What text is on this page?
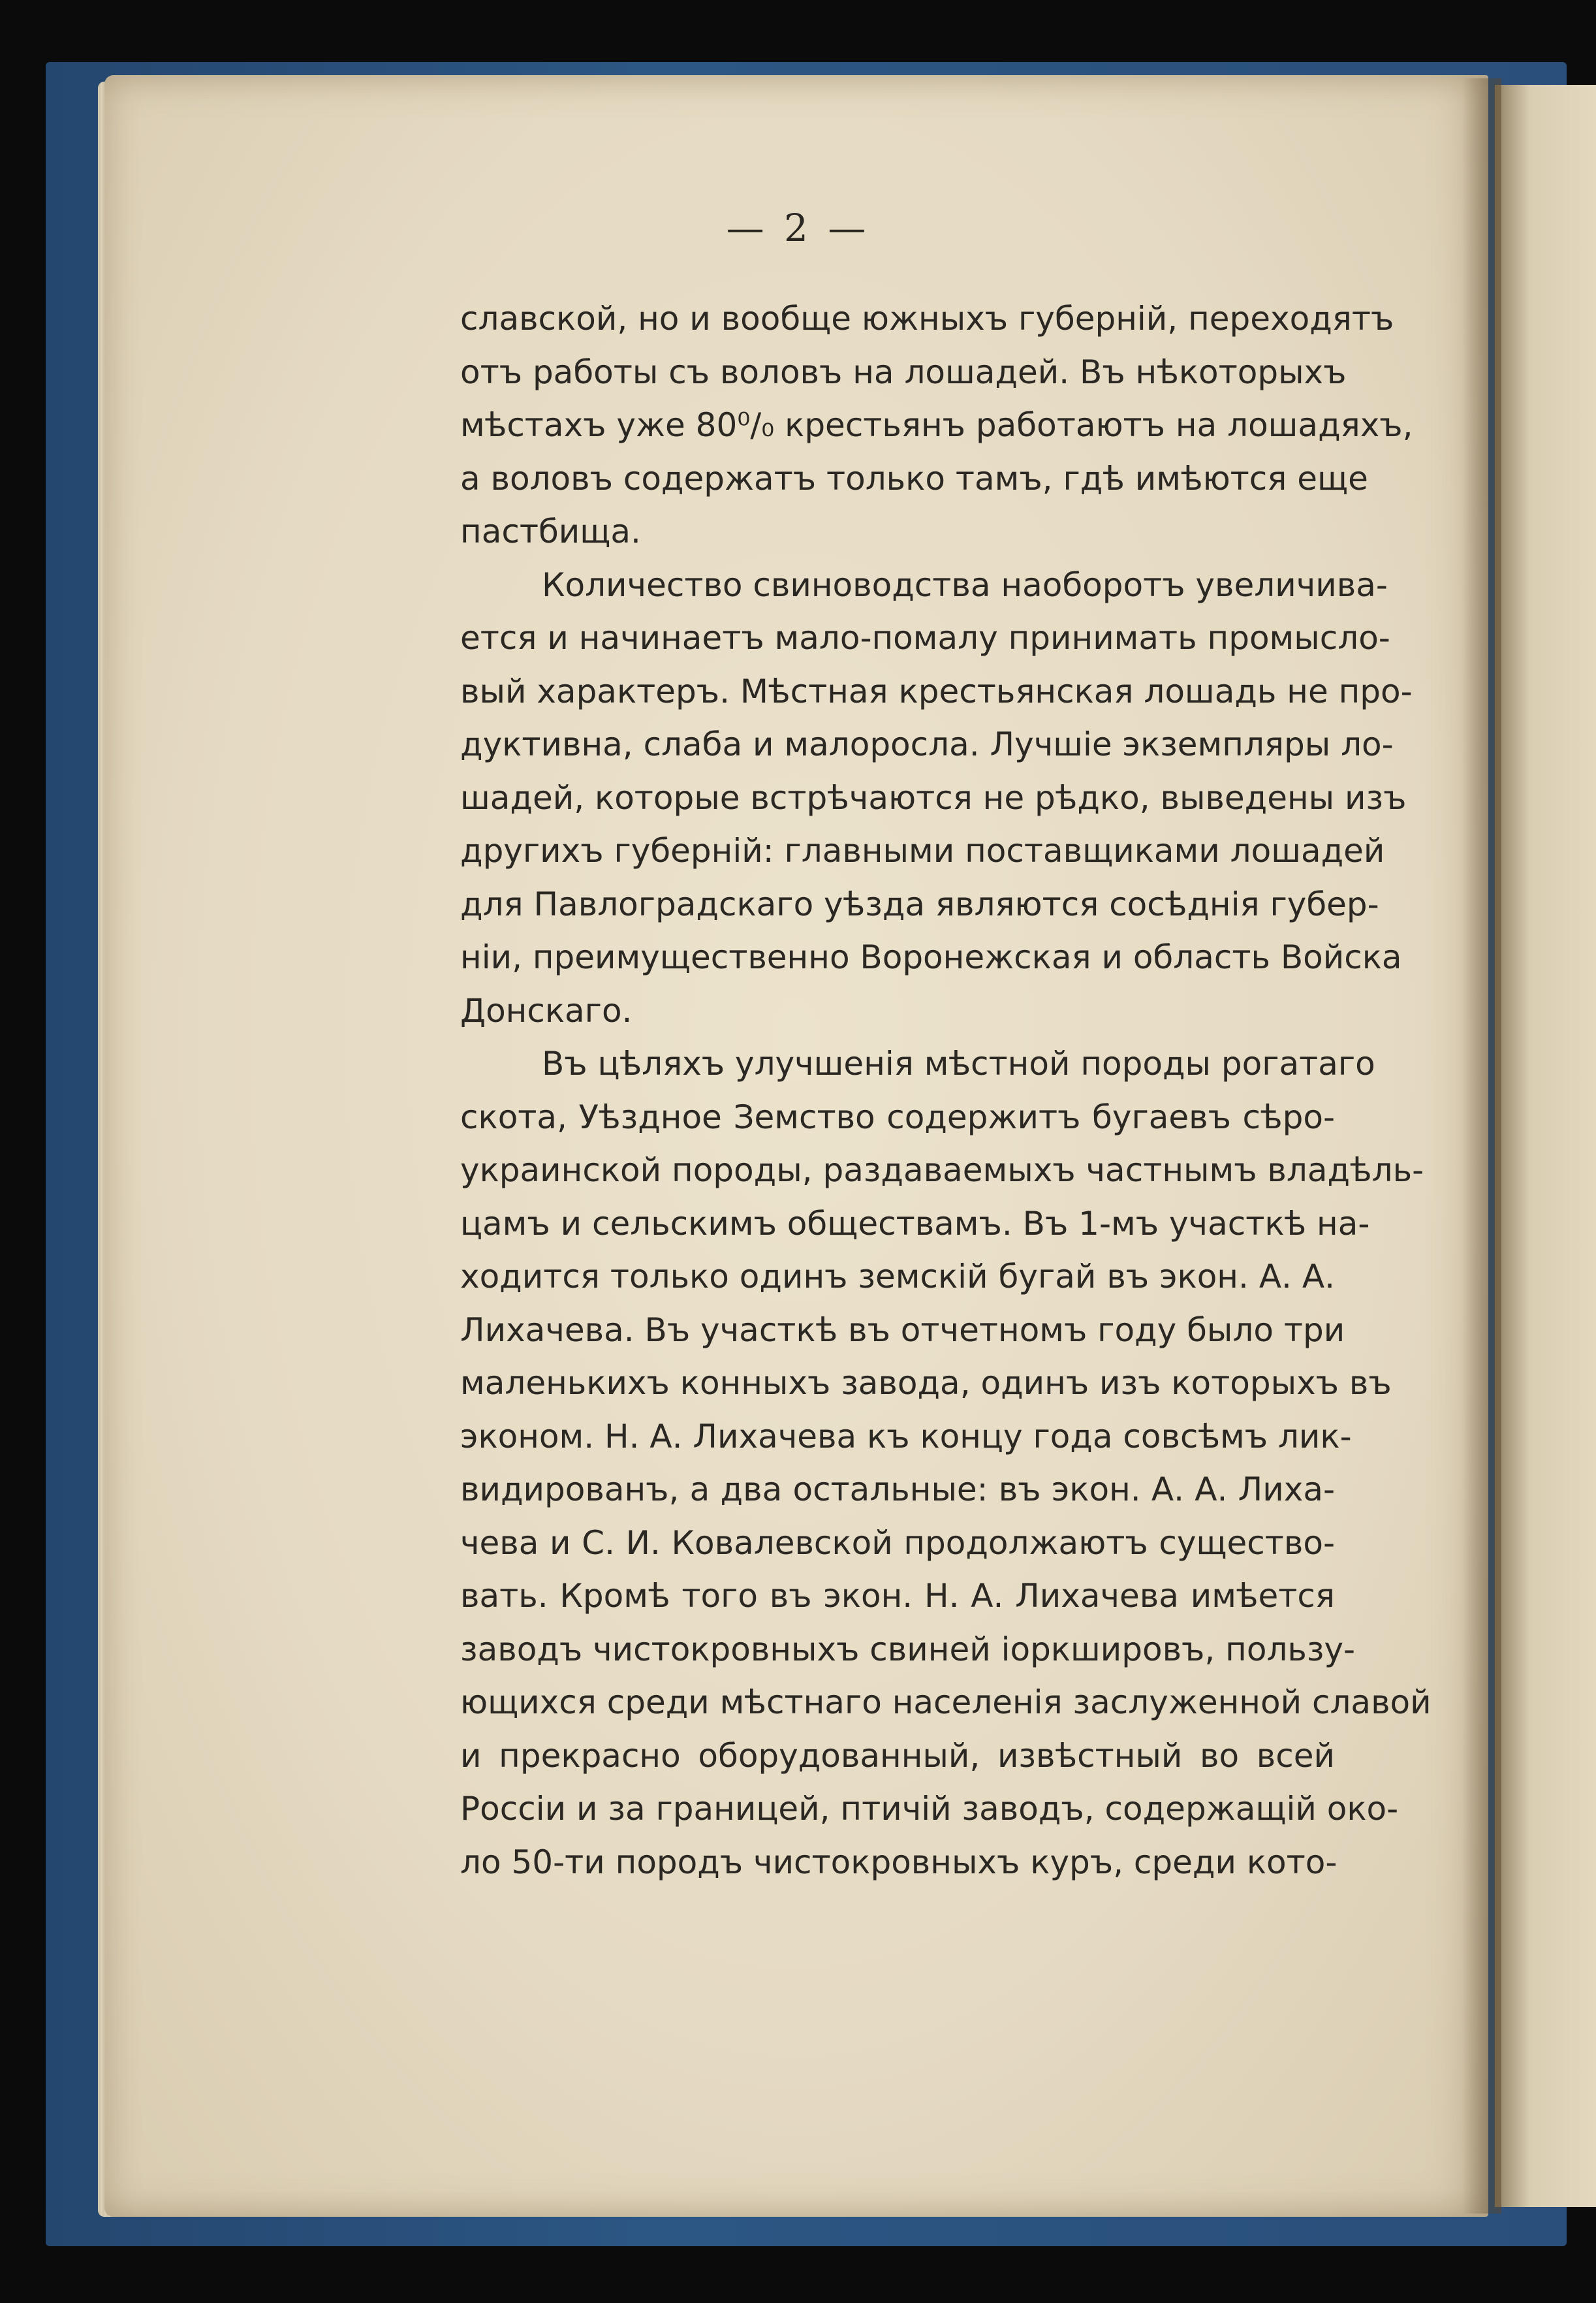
— 2 —
славской, но и вообще южныхъ губерній, переходятъ
отъ работы съ воловъ на лошадей. Въ нѣкоторыхъ
мѣстахъ уже 80⁰/₀ крестьянъ работаютъ на лошадяхъ,
а воловъ содержатъ только тамъ, гдѣ имѣются еще
пастбища.
Количество свиноводства наоборотъ увеличива-
ется и начинаетъ мало-помалу принимать промысло-
вый характеръ. Мѣстная крестьянская лошадь не про-
дуктивна, слаба и малоросла. Лучшіе экземпляры ло-
шадей, которые встрѣчаются не рѣдко, выведены изъ
другихъ губерній: главными поставщиками лошадей
для Павлоградскаго уѣзда являются сосѣднія губер-
ніи, преимущественно Воронежская и область Войска
Донскаго.
Въ цѣляхъ улучшенія мѣстной породы рогатаго
скота, Уѣздное Земство содержитъ бугаевъ сѣро-
украинской породы, раздаваемыхъ частнымъ владѣль-
цамъ и сельскимъ обществамъ. Въ 1-мъ участкѣ на-
ходится только одинъ земскій бугай въ экон. А. А.
Лихачева. Въ участкѣ въ отчетномъ году было три
маленькихъ конныхъ завода, одинъ изъ которыхъ въ
эконом. Н. А. Лихачева къ концу года совсѣмъ лик-
видированъ, а два остальные: въ экон. А. А. Лиха-
чева и С. И. Ковалевской продолжаютъ существо-
вать. Кромѣ того въ экон. Н. А. Лихачева имѣется
заводъ чистокровныхъ свиней іоркшировъ, пользу-
ющихся среди мѣстнаго населенія заслуженной славой
и прекрасно оборудованный, извѣстный во всей
Россіи и за границей, птичій заводъ, содержащій око-
ло 50-ти породъ чистокровныхъ куръ, среди кото-
